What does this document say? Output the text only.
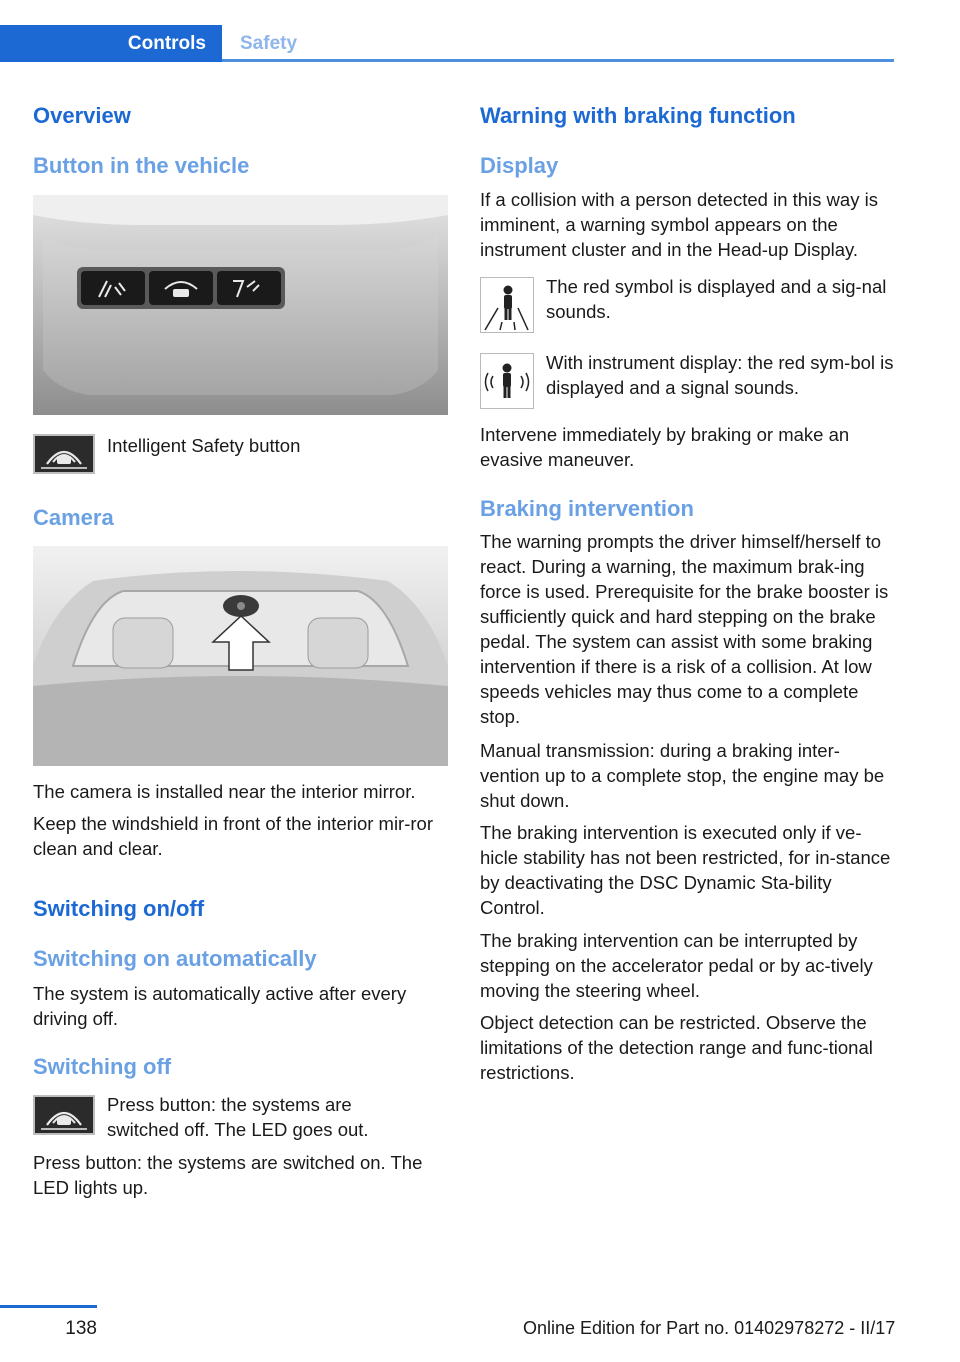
Controls	Safety
Overview
Button in the vehicle
Intelligent Safety button
Camera
The camera is installed near the interior mirror.
Keep the windshield in front of the interior mir-ror clean and clear.
Switching on/off
Switching on automatically
The system is automatically active after every driving off.
Switching off
Press button: the systems are switched off. The LED goes out.
Press button: the systems are switched on. The LED lights up.
Warning with braking function
Display
If a collision with a person detected in this way is imminent, a warning symbol appears on the instrument cluster and in the Head-up Display.
The red symbol is displayed and a sig-nal sounds.
With instrument display: the red sym-bol is displayed and a signal sounds.
Intervene immediately by braking or make an evasive maneuver.
Braking intervention
The warning prompts the driver himself/herself to react. During a warning, the maximum brak-ing force is used. Prerequisite for the brake booster is sufficiently quick and hard stepping on the brake pedal. The system can assist with some braking intervention if there is a risk of a collision. At low speeds vehicles may thus come to a complete stop.
Manual transmission: during a braking inter-vention up to a complete stop, the engine may be shut down.
The braking intervention is executed only if ve-hicle stability has not been restricted, for in-stance by deactivating the DSC Dynamic Sta-bility Control.
The braking intervention can be interrupted by stepping on the accelerator pedal or by ac-tively moving the steering wheel.
Object detection can be restricted. Observe the limitations of the detection range and func-tional restrictions.
138	Online Edition for Part no. 01402978272 - II/17
